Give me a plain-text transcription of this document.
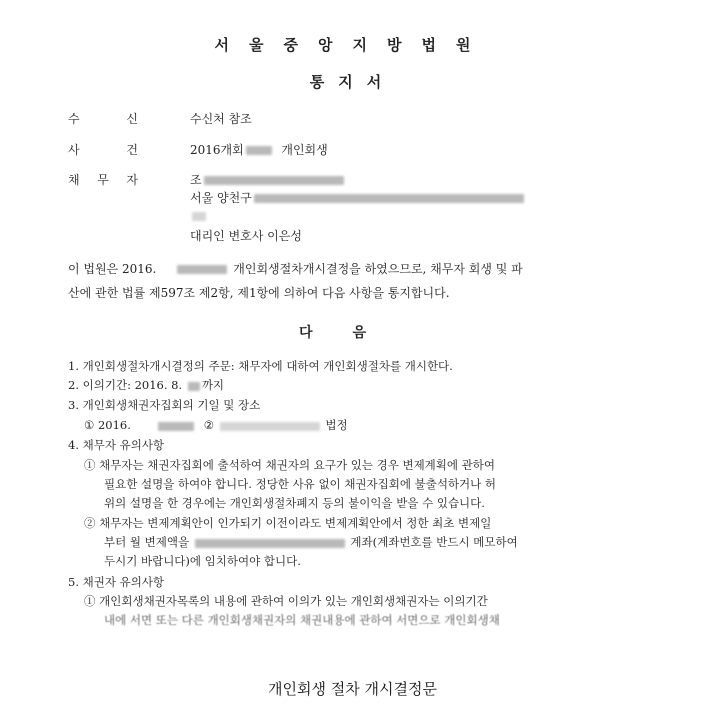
서울중앙지방법원
통지서
수	신	수신처 참조
사	건	2016개회	개인회생
채 무 자	조
서울 양천구
대리인 변호사 이은성
이 법원은 2016.	개인회생절차개시결정을 하였으므로, 채무자 회생 및 파
산에 관한 법률 제597조 제2항, 제1항에 의하여 다음 사항을 통지합니다.
다음
1. 개인회생절차개시결정의 주문: 채무자에 대하여 개인회생절차를 개시한다.
2. 이의기간: 2016. 8. 까지
3. 개인회생채권자집회의 기일 및 장소
① 2016.	②	법정
4. 채무자 유의사항
① 채무자는 채권자집회에 출석하여 채권자의 요구가 있는 경우 변제계획에 관하여
필요한 설명을 하여야 합니다. 정당한 사유 없이 채권자집회에 불출석하거나 허
위의 설명을 한 경우에는 개인회생절차폐지 등의 불이익을 받을 수 있습니다.
② 채무자는 변제계획안이 인가되기 이전이라도 변제계획안에서 정한 최초 변제일
부터 월 변제액을	계좌(계좌번호를 반드시 메모하여
두시기 바랍니다)에 임치하여야 합니다.
5. 채권자 유의사항
① 개인회생채권자목록의 내용에 관하여 이의가 있는 개인회생채권자는 이의기간
내에 서면 또는 다른 개인회생채권자의 채권내용에 관하여 서면으로 개인회생채
개인회생 절차 개시결정문
